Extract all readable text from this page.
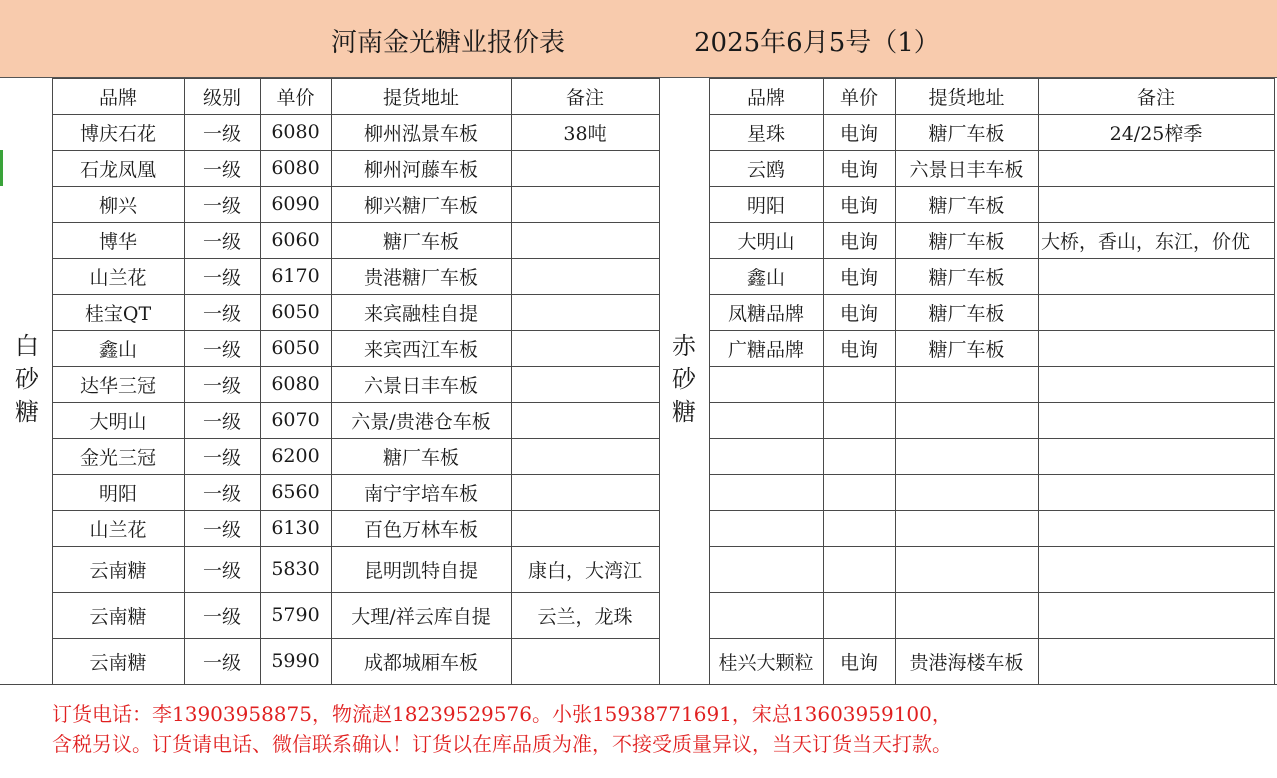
河南金光糖业报价表	2025年6月5号（1）
品牌	级别	单价	提货地址	备注
博庆石花	一级	6080	柳州泓景车板	38吨
石龙凤凰	一级	6080	柳州河藤车板
柳兴	一级	6090	柳兴糖厂车板
博华	一级	6060	糖厂车板
山兰花	一级	6170	贵港糖厂车板
桂宝QT	一级	6050	来宾融桂自提
鑫山	一级	6050	来宾西江车板
达华三冠	一级	6080	六景日丰车板
大明山	一级	6070	六景/贵港仓车板
金光三冠	一级	6200	糖厂车板
明阳	一级	6560	南宁宇培车板
山兰花	一级	6130	百色万林车板
云南糖	一级	5830	昆明凯特自提	康白，大湾江
云南糖	一级	5790	大理/祥云库自提	云兰，龙珠
云南糖	一级	5990	成都城厢车板
品牌	单价	提货地址	备注
星珠	电询	糖厂车板	24/25榨季
云鸥	电询	六景日丰车板
明阳	电询	糖厂车板
大明山	电询	糖厂车板	大桥，香山，东江，价优
鑫山	电询	糖厂车板
凤糖品牌	电询	糖厂车板
广糖品牌	电询	糖厂车板
桂兴大颗粒	电询	贵港海楼车板
白
砂
糖
赤
砂
糖
订货电话：李13903958875，物流赵18239529576。小张15938771691，宋总13603959100，
含税另议。订货请电话、微信联系确认！订货以在库品质为准，不接受质量异议，当天订货当天打款。
